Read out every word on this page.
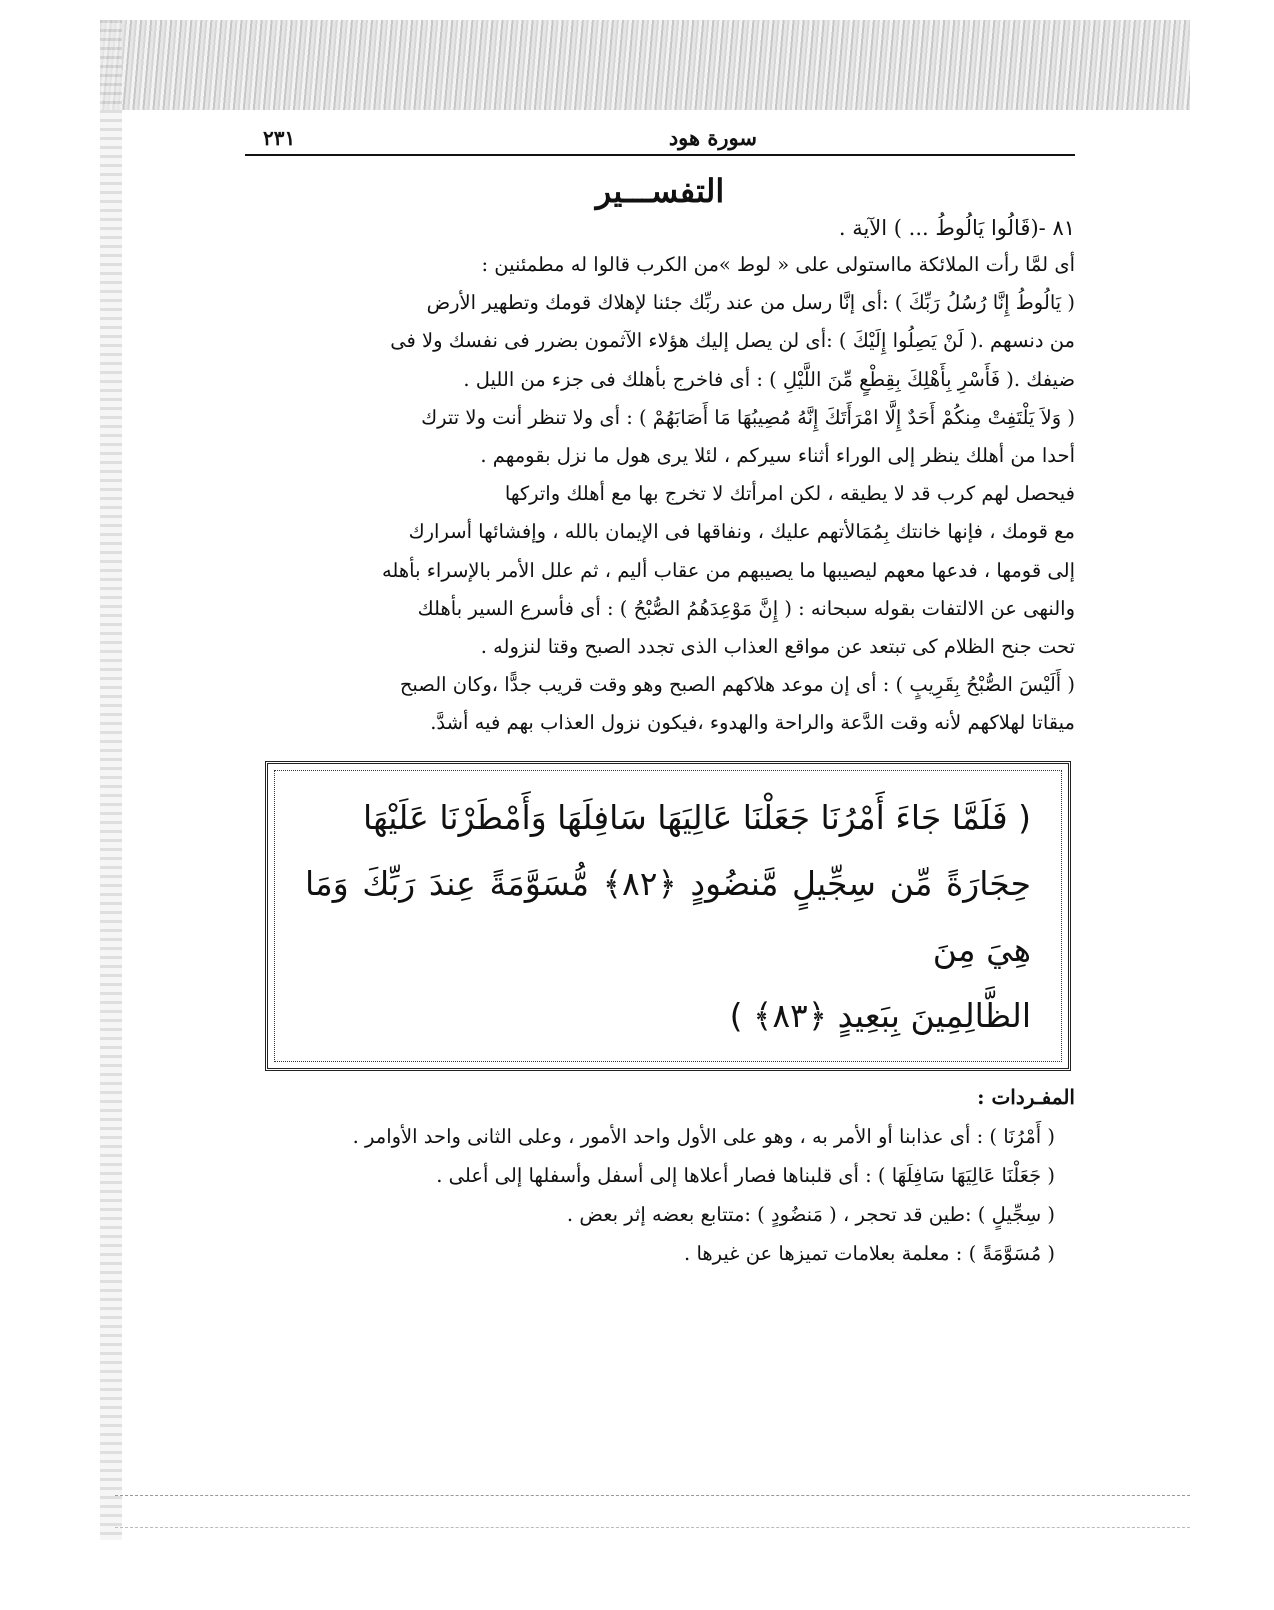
سورة هود
٢٣١
التفســـير
٨١ -(قَالُوا يَالُوطُ ... ) الآية .

أى لمَّا رأت الملائكة مااستولى على « لوط »من الكرب قالوا له مطمئنين :

( يَالُوطُ إِنَّا رُسُلُ رَبِّكَ ) :أى إنَّا رسل من عند ربِّك جئنا لإهلاك قومك وتطهير الأرض

من دنسهم .( لَنْ يَصِلُوا إِلَيْكَ ) :أى لن يصل إليك هؤلاء الآثمون بضرر فى نفسك ولا فى

ضيفك .( فَأَسْرِ بِأَهْلِكَ بِقِطْعٍ مِّنَ اللَّيْلِ ) : أى فاخرج بأهلك فى جزء من الليل .

( وَلاَ يَلْتَفِتْ مِنكُمْ أَحَدٌ إِلَّا امْرَأَتَكَ إِنَّهُ مُصِيبُهَا مَا أَصَابَهُمْ ) : أى ولا تنظر أنت ولا تترك

أحدا من أهلك ينظر إلى الوراء أثناء سيركم ، لئلا يرى هول ما نزل بقومهم .

فيحصل لهم كرب قد لا يطيقه ، لكن امرأتك لا تخرج بها مع أهلك واتركها

مع قومك ، فإنها خانتك بِمُمَالأتهم عليك ، ونفاقها فى الإيمان بالله ، وإفشائها أسرارك

إلى قومها ، فدعها معهم ليصيبها ما يصيبهم من عقاب أليم ، ثم علل الأمر بالإسراء بأهله

والنهى عن الالتفات بقوله سبحانه : ( إِنَّ مَوْعِدَهُمُ الصُّبْحُ ) : أى فأسرع السير بأهلك

تحت جنح الظلام كى تبتعد عن مواقع العذاب الذى تجدد الصبح وقتا لنزوله .

( أَلَيْسَ الصُّبْحُ بِقَرِيبٍ ) : أى إن موعد هلاكهم الصبح وهو وقت قريب جدًّا ،وكان الصبح

ميقاتا لهلاكهم لأنه وقت الدَّعة والراحة والهدوء ،فيكون نزول العذاب بهم فيه أشدَّ.

( فَلَمَّا جَاءَ أَمْرُنَا جَعَلْنَا عَالِيَهَا سَافِلَهَا وَأَمْطَرْنَا عَلَيْهَا
حِجَارَةً مِّن سِجِّيلٍ مَّنضُودٍ ﴿٨٢﴾ مُّسَوَّمَةً عِندَ رَبِّكَ وَمَا هِيَ مِنَ
الظَّالِمِينَ بِبَعِيدٍ ﴿٨٣﴾ )
المفـردات :
( أَمْرُنَا ) : أى عذابنا أو الأمر به ، وهو على الأول واحد الأمور ، وعلى الثانى واحد الأوامر .
( جَعَلْنَا عَالِيَهَا سَافِلَهَا ) : أى قلبناها فصار أعلاها إلى أسفل وأسفلها إلى أعلى .
( سِجِّيلٍ ) :طين قد تحجر ، ( مَنضُودٍ ) :متتابع بعضه إثر بعض .
( مُسَوَّمَةً ) : معلمة بعلامات تميزها عن غيرها .
